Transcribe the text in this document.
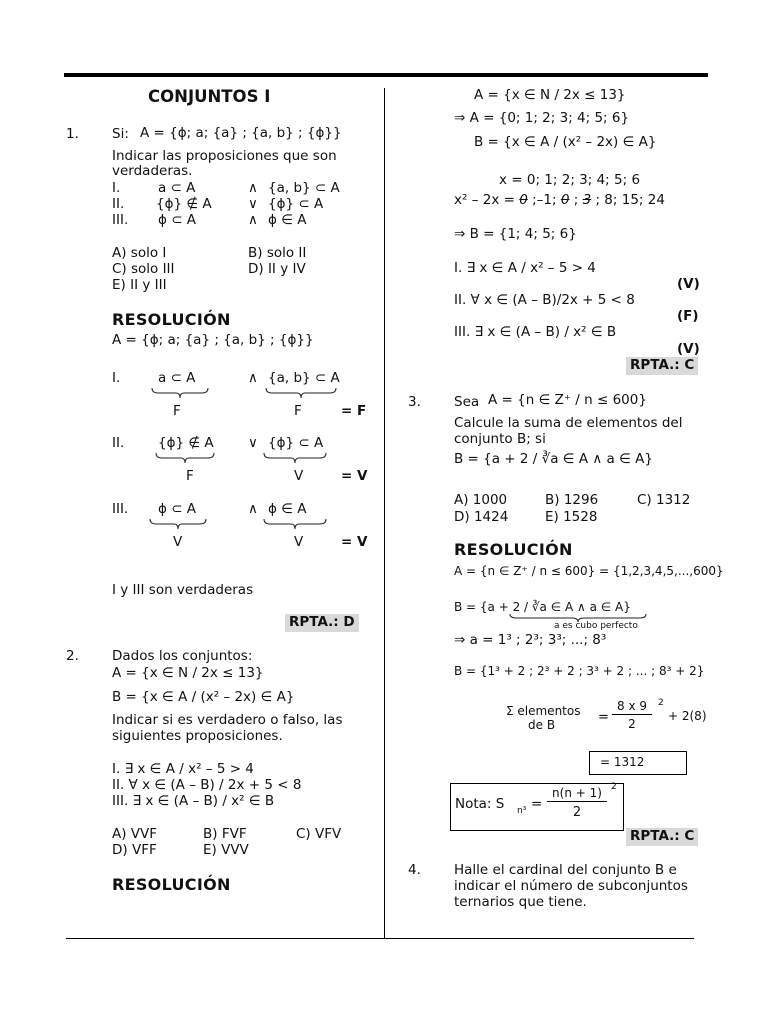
CONJUNTOS I
1. Si: A = {ϕ; a; {a} ; {a, b} ; {ϕ}}
Indicar las proposiciones que son
verdaderas.
I.	a ⊂ A	∧ {a, b} ⊂ A
II. {ϕ} ∉ A	∨ {ϕ} ⊂ A
III. ϕ ⊂ A	∧ ϕ ∈ A
A) solo I	B) solo II
C) solo III	D) II y IV
E) II y III
RESOLUCIÓN
A = {ϕ; a; {a} ; {a, b} ; {ϕ}}
I.	a ⊂ A	∧ {a, b} ⊂ A
F	F	= F
II. {ϕ} ∉ A	∨ {ϕ} ⊂ A
F	V	= V
III. ϕ ⊂ A	∧ ϕ ∈ A
V	V	= V
I y III son verdaderas
RPTA.: D
2. Dados los conjuntos:
A = {x ∈ N / 2x ≤ 13}
B = {x ∈ A / (x² – 2x) ∈ A}
Indicar si es verdadero o falso, las
siguientes proposiciones.
I. ∃ x ∈ A / x² – 5 > 4
II. ∀ x ∈ (A – B) / 2x + 5 < 8
III. ∃ x ∈ (A – B) / x² ∈ B
A) VVF	B) FVF	C) VFV
D) VFF	E) VVV
RESOLUCIÓN
A = {x ∈ N / 2x ≤ 13}
⇒ A = {0; 1; 2; 3; 4; 5; 6}
B = {x ∈ A / (x² – 2x) ∈ A}
x = 0; 1; 2; 3; 4; 5; 6
x² – 2x = 0 ;–1; 0 ; 3 ; 8; 15; 24
⇒ B = {1; 4; 5; 6}
I. ∃ x ∈ A / x² – 5 > 4
(V)
II. ∀ x ∈ (A – B)/2x + 5 < 8
(F)
III. ∃ x ∈ (A – B) / x² ∈ B
(V)
RPTA.: C
3. Sea A = {n ∈ Z⁺ / n ≤ 600}
Calcule la suma de elementos del
conjunto B; si
B = {a + 2 / ∛a ∈ A ∧ a ∈ A}
A) 1000	B) 1296	C) 1312
D) 1424	E) 1528
RESOLUCIÓN
A = {n ∈ Z⁺ / n ≤ 600} = {1,2,3,4,5,...,600}
B = {a + 2 / ∛a ∈ A ∧ a ∈ A}
a es cubo perfecto
⇒ a = 1³ ; 2³; 3³; ...; 8³
B = {1³ + 2 ; 2³ + 2 ; 3³ + 2 ; ... ; 8³ + 2}
Σ elementos
de B	=
8 x 9
2
2
+ 2(8)
= 1312
Nota: S n³ =
n(n + 1)
2
2
RPTA.: C
4. Halle el cardinal del conjunto B e
indicar el número de subconjuntos
ternarios que tiene.
